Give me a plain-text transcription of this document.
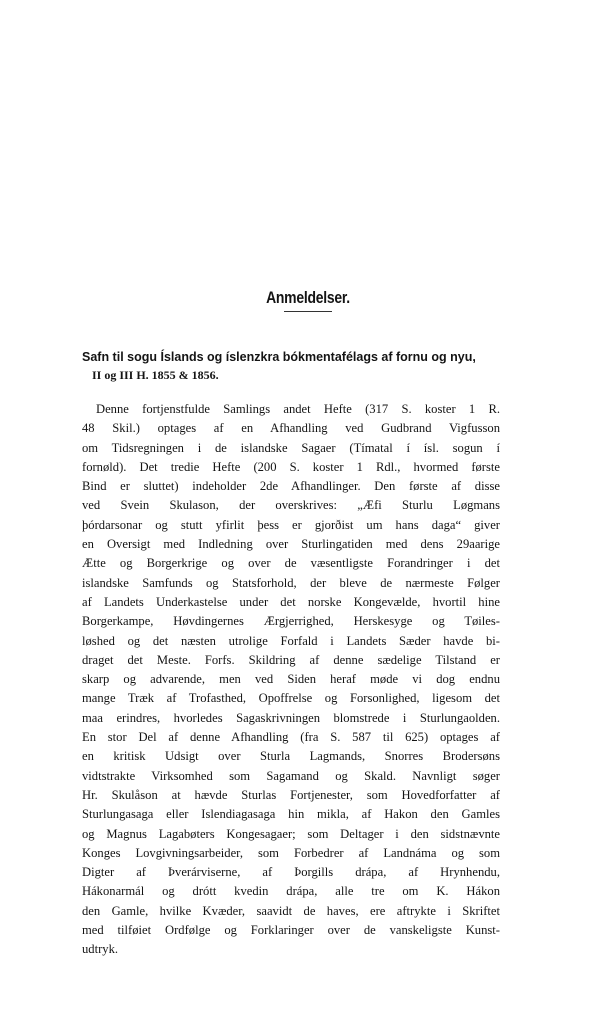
Anmeldelser.
Safn til sogu Íslands og íslenzkra bókmentafélags af fornu og nyu,
II og III H. 1855 & 1856.
Denne fortjenstfulde Samlings andet Hefte (317 S. koster 1 R.
48 Skil.) optages af en Afhandling ved Gudbrand Vigfusson
om Tidsregningen i de islandske Sagaer (Tímatal í ísl. sogun í
fornøld). Det tredie Hefte (200 S. koster 1 Rdl., hvormed første
Bind er sluttet) indeholder 2de Afhandlinger. Den første af disse
ved Svein Skulason, der overskrives: „Æfi Sturlu Løgmans
þórdarsonar og stutt yfirlit þess er gjorðist um hans daga“ giver
en Oversigt med Indledning over Sturlingatiden med dens 29aarige
Ætte og Borgerkrige og over de væsentligste Forandringer i det
islandske Samfunds og Statsforhold, der bleve de nærmeste Følger
af Landets Underkastelse under det norske Kongevælde, hvortil hine
Borgerkampe, Høvdingernes Ærgjerrighed, Herskesyge og Tøiles-
løshed og det næsten utrolige Forfald i Landets Sæder havde bi-
draget det Meste. Forfs. Skildring af denne sædelige Tilstand er
skarp og advarende, men ved Siden heraf møde vi dog endnu
mange Træk af Trofasthed, Opoffrelse og Forsonlighed, ligesom det
maa erindres, hvorledes Sagaskrivningen blomstrede i Sturlungaolden.
En stor Del af denne Afhandling (fra S. 587 til 625) optages af
en kritisk Udsigt over Sturla Lagmands, Snorres Brodersøns
vidtstrakte Virksomhed som Sagamand og Skald. Navnligt søger
Hr. Skulåson at hævde Sturlas Fortjenester, som Hovedforfatter af
Sturlungasaga eller Islendiagasaga hin mikla, af Hakon den Gamles
og Magnus Lagabøters Kongesagaer; som Deltager i den sidstnævnte
Konges Lovgivningsarbeider, som Forbedrer af Landnáma og som
Digter af Þverárviserne, af Þorgills drápa, af Hrynhendu,
Hákonarmál og drótt kvedin drápa, alle tre om K. Hákon
den Gamle, hvilke Kvæder, saavidt de haves, ere aftrykte i Skriftet
med tilføiet Ordfølge og Forklaringer over de vanskeligste Kunst-
udtryk.
